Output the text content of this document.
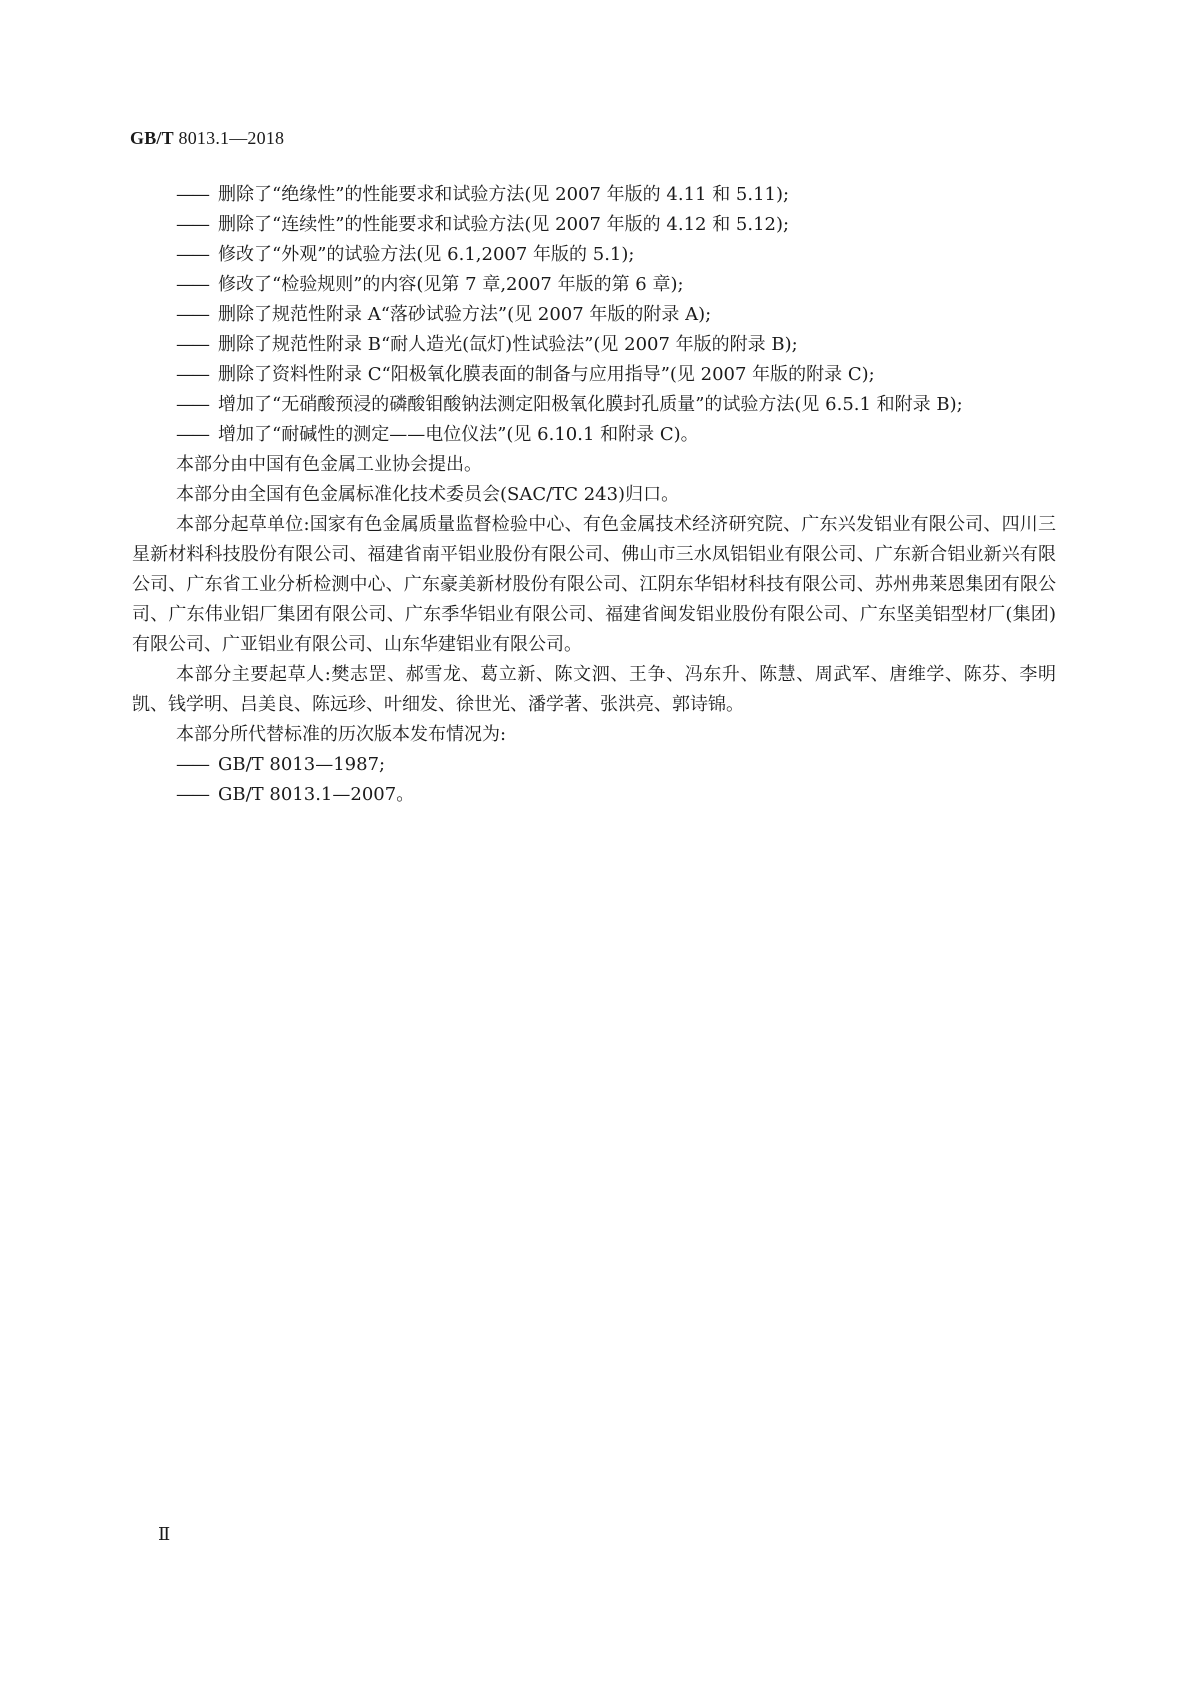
GB/T 8013.1—2018

—— 删除了“绝缘性”的性能要求和试验方法(见 2007 年版的 4.11 和 5.11);

—— 删除了“连续性”的性能要求和试验方法(见 2007 年版的 4.12 和 5.12);

—— 修改了“外观”的试验方法(见 6.1,2007 年版的 5.1);

—— 修改了“检验规则”的内容(见第 7 章,2007 年版的第 6 章);

—— 删除了规范性附录 A“落砂试验方法”(见 2007 年版的附录 A);

—— 删除了规范性附录 B“耐人造光(氙灯)性试验法”(见 2007 年版的附录 B);

—— 删除了资料性附录 C“阳极氧化膜表面的制备与应用指导”(见 2007 年版的附录 C);

—— 增加了“无硝酸预浸的磷酸钼酸钠法测定阳极氧化膜封孔质量”的试验方法(见 6.5.1 和附录 B);

—— 增加了“耐碱性的测定——电位仪法”(见 6.10.1 和附录 C)。

本部分由中国有色金属工业协会提出。

本部分由全国有色金属标准化技术委员会(SAC/TC 243)归口。

本部分起草单位:国家有色金属质量监督检验中心、有色金属技术经济研究院、广东兴发铝业有限公司、四川三星新材料科技股份有限公司、福建省南平铝业股份有限公司、佛山市三水凤铝铝业有限公司、广东新合铝业新兴有限公司、广东省工业分析检测中心、广东豪美新材股份有限公司、江阴东华铝材科技有限公司、苏州弗莱恩集团有限公司、广东伟业铝厂集团有限公司、广东季华铝业有限公司、福建省闽发铝业股份有限公司、广东坚美铝型材厂(集团)有限公司、广亚铝业有限公司、山东华建铝业有限公司。

本部分主要起草人:樊志罡、郝雪龙、葛立新、陈文泗、王争、冯东升、陈慧、周武军、唐维学、陈芬、李明凯、钱学明、吕美良、陈远珍、叶细发、徐世光、潘学著、张洪亮、郭诗锦。

本部分所代替标准的历次版本发布情况为:

—— GB/T 8013—1987;

—— GB/T 8013.1—2007。

Ⅱ
